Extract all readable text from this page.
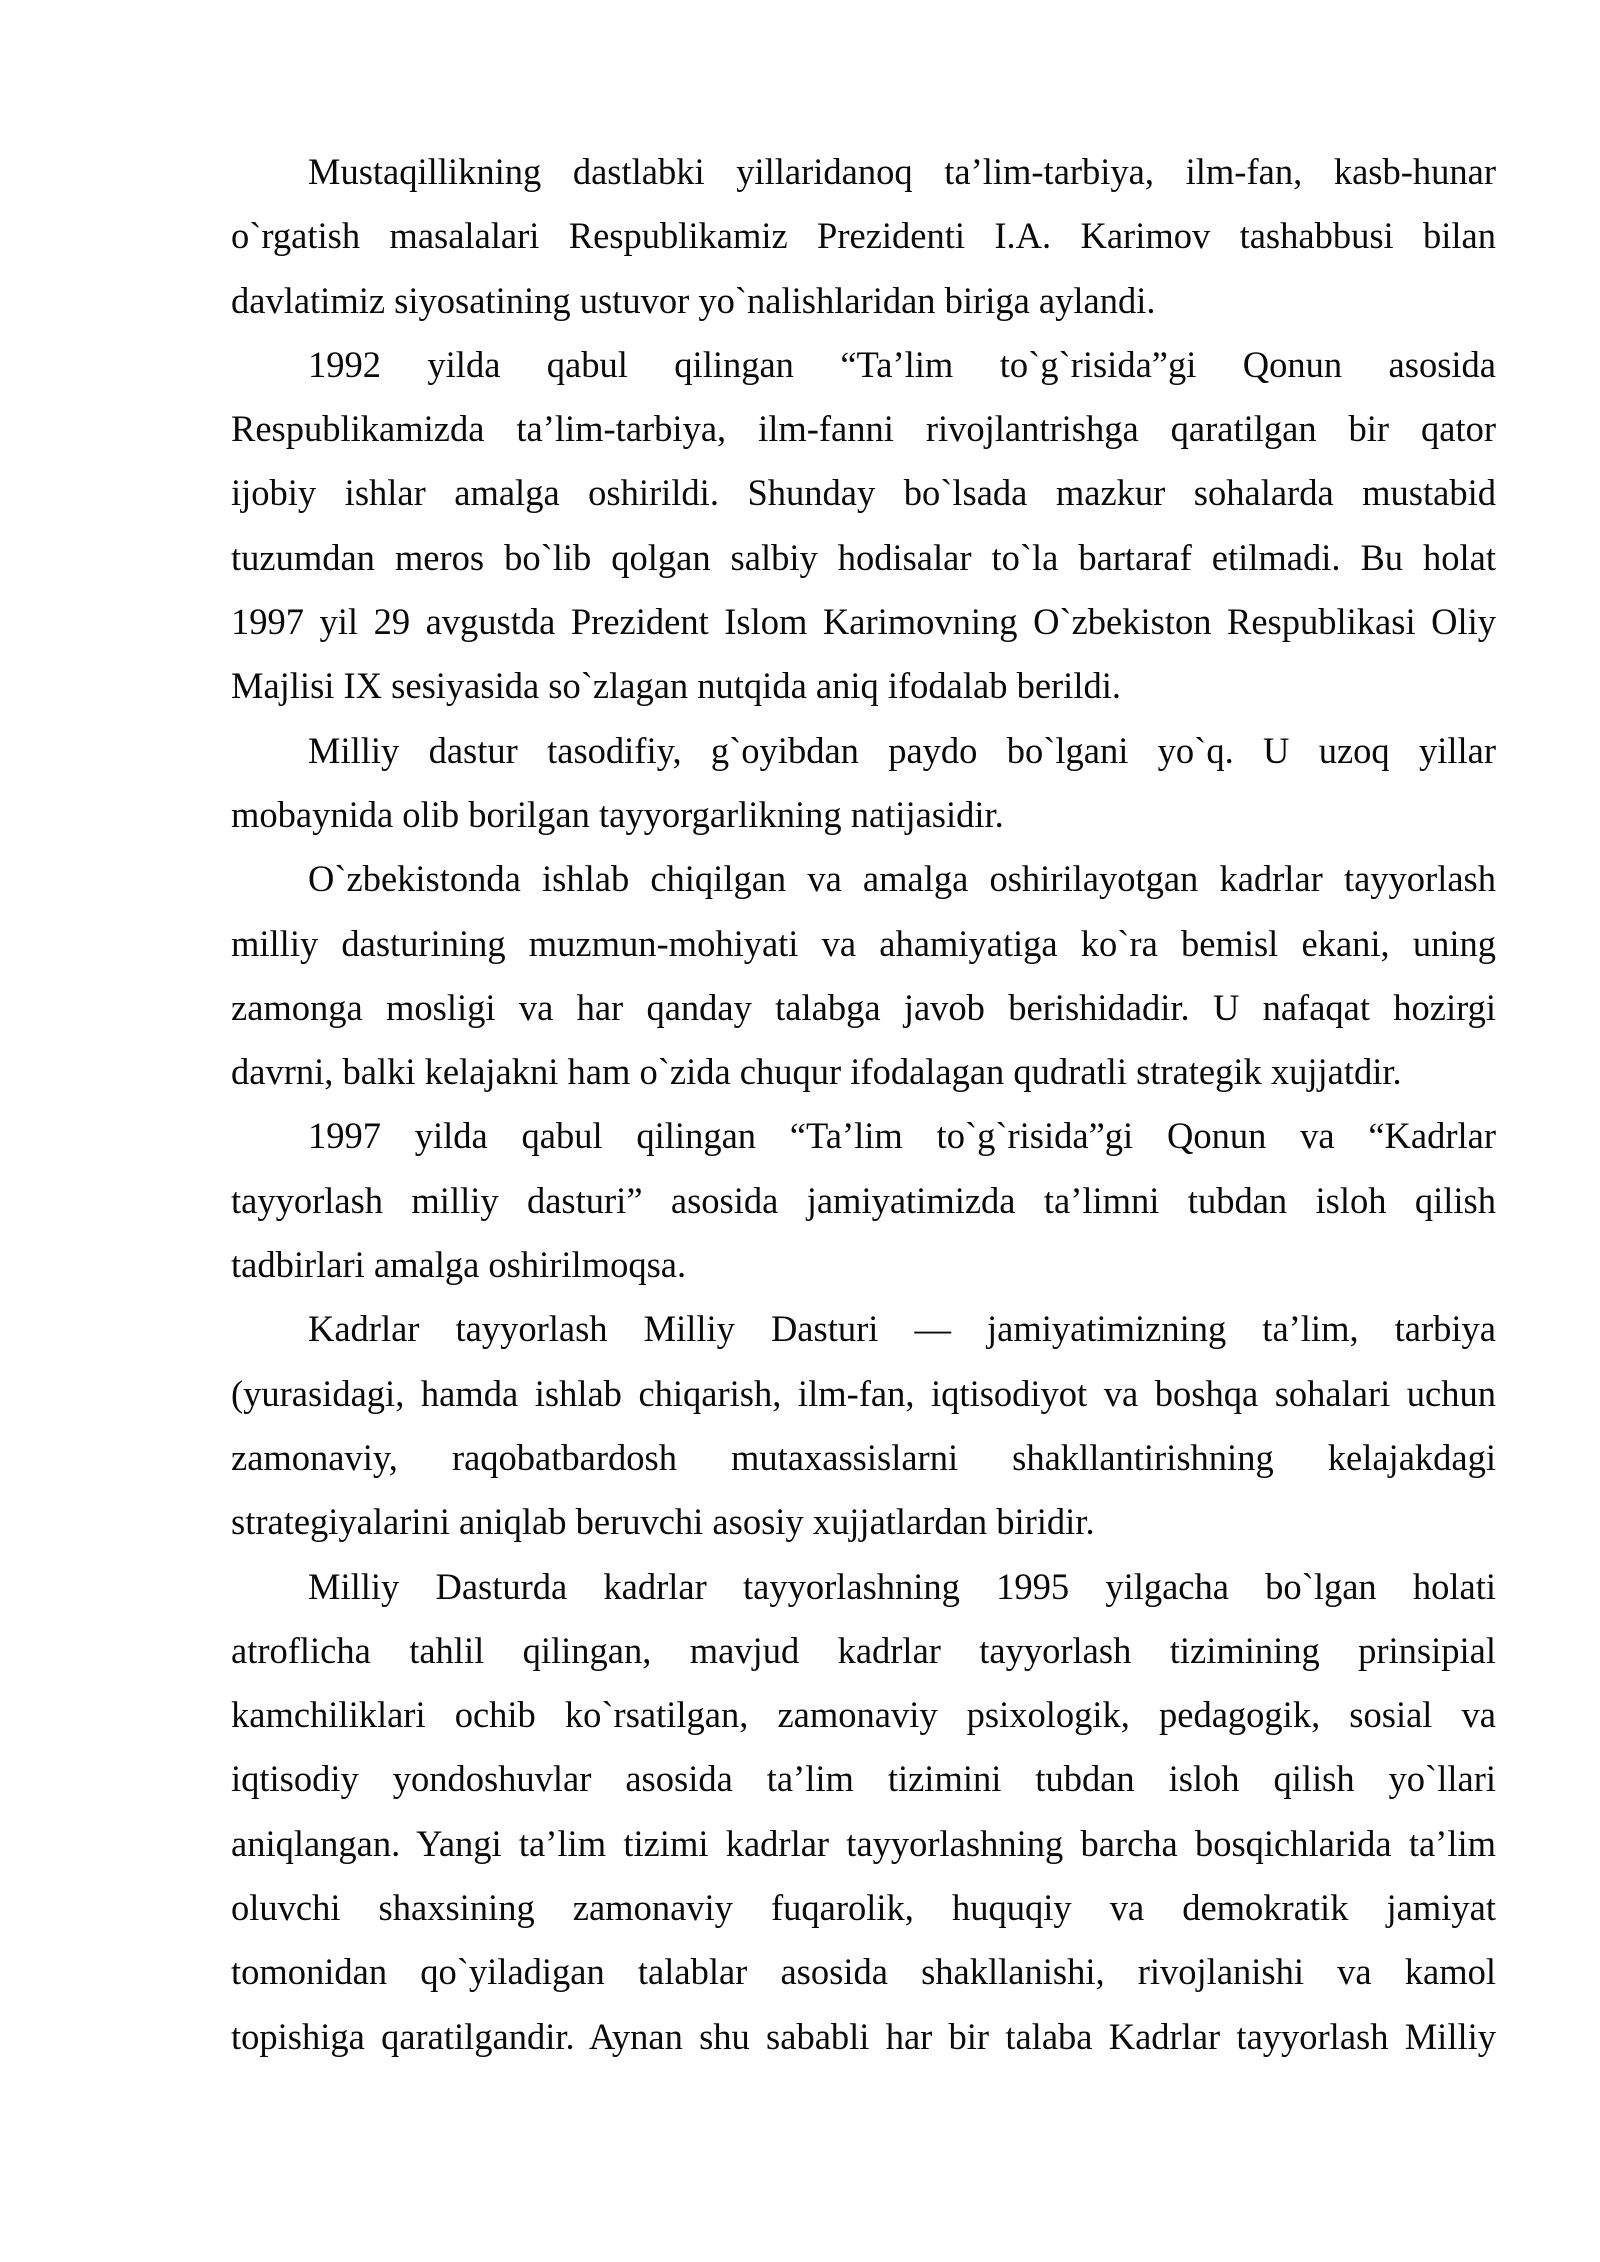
Mustaqillikning dastlabki yillaridanoq ta’lim-tarbiya, ilm-fan, kasb-hunar
o`rgatish masalalari Respublikamiz Prezidenti I.A. Karimov tashabbusi bilan
davlatimiz siyosatining ustuvor yo`nalishlaridan biriga aylandi.
1992 yilda qabul qilingan “Ta’lim to`g`risida”gi Qonun asosida
Respublikamizda ta’lim-tarbiya, ilm-fanni rivojlantrishga qaratilgan bir qator
ijobiy ishlar amalga oshirildi. Shunday bo`lsada mazkur sohalarda mustabid
tuzumdan meros bo`lib qolgan salbiy hodisalar to`la bartaraf etilmadi. Bu holat
1997 yil 29 avgustda Prezident Islom Karimovning O`zbekiston Respublikasi Oliy
Majlisi IX sesiyasida so`zlagan nutqida aniq ifodalab berildi.
Milliy dastur tasodifiy, g`oyibdan paydo bo`lgani yo`q. U uzoq yillar
mobaynida olib borilgan tayyorgarlikning natijasidir.
O`zbekistonda ishlab chiqilgan va amalga oshirilayotgan kadrlar tayyorlash
milliy dasturining muzmun-mohiyati va ahamiyatiga ko`ra bemisl ekani, uning
zamonga mosligi va har qanday talabga javob berishidadir. U nafaqat hozirgi
davrni, balki kelajakni ham o`zida chuqur ifodalagan qudratli strategik xujjatdir.
1997 yilda qabul qilingan “Ta’lim to`g`risida”gi Qonun va “Kadrlar
tayyorlash milliy dasturi” asosida jamiyatimizda ta’limni tubdan isloh qilish
tadbirlari amalga oshirilmoqsa.
Kadrlar tayyorlash Milliy Dasturi — jamiyatimizning ta’lim, tarbiya
(yurasidagi, hamda ishlab chiqarish, ilm-fan, iqtisodiyot va boshqa sohalari uchun
zamonaviy, raqobatbardosh mutaxassislarni shakllantirishning kelajakdagi
strategiyalarini aniqlab beruvchi asosiy xujjatlardan biridir.
Milliy Dasturda kadrlar tayyorlashning 1995 yilgacha bo`lgan holati
atroflicha tahlil qilingan, mavjud kadrlar tayyorlash tizimining prinsipial
kamchiliklari ochib ko`rsatilgan, zamonaviy psixologik, pedagogik, sosial va
iqtisodiy yondoshuvlar asosida ta’lim tizimini tubdan isloh qilish yo`llari
aniqlangan. Yangi ta’lim tizimi kadrlar tayyorlashning barcha bosqichlarida ta’lim
oluvchi shaxsining zamonaviy fuqarolik, huquqiy va demokratik jamiyat
tomonidan qo`yiladigan talablar asosida shakllanishi, rivojlanishi va kamol
topishiga qaratilgandir. Aynan shu sababli har bir talaba Kadrlar tayyorlash Milliy
